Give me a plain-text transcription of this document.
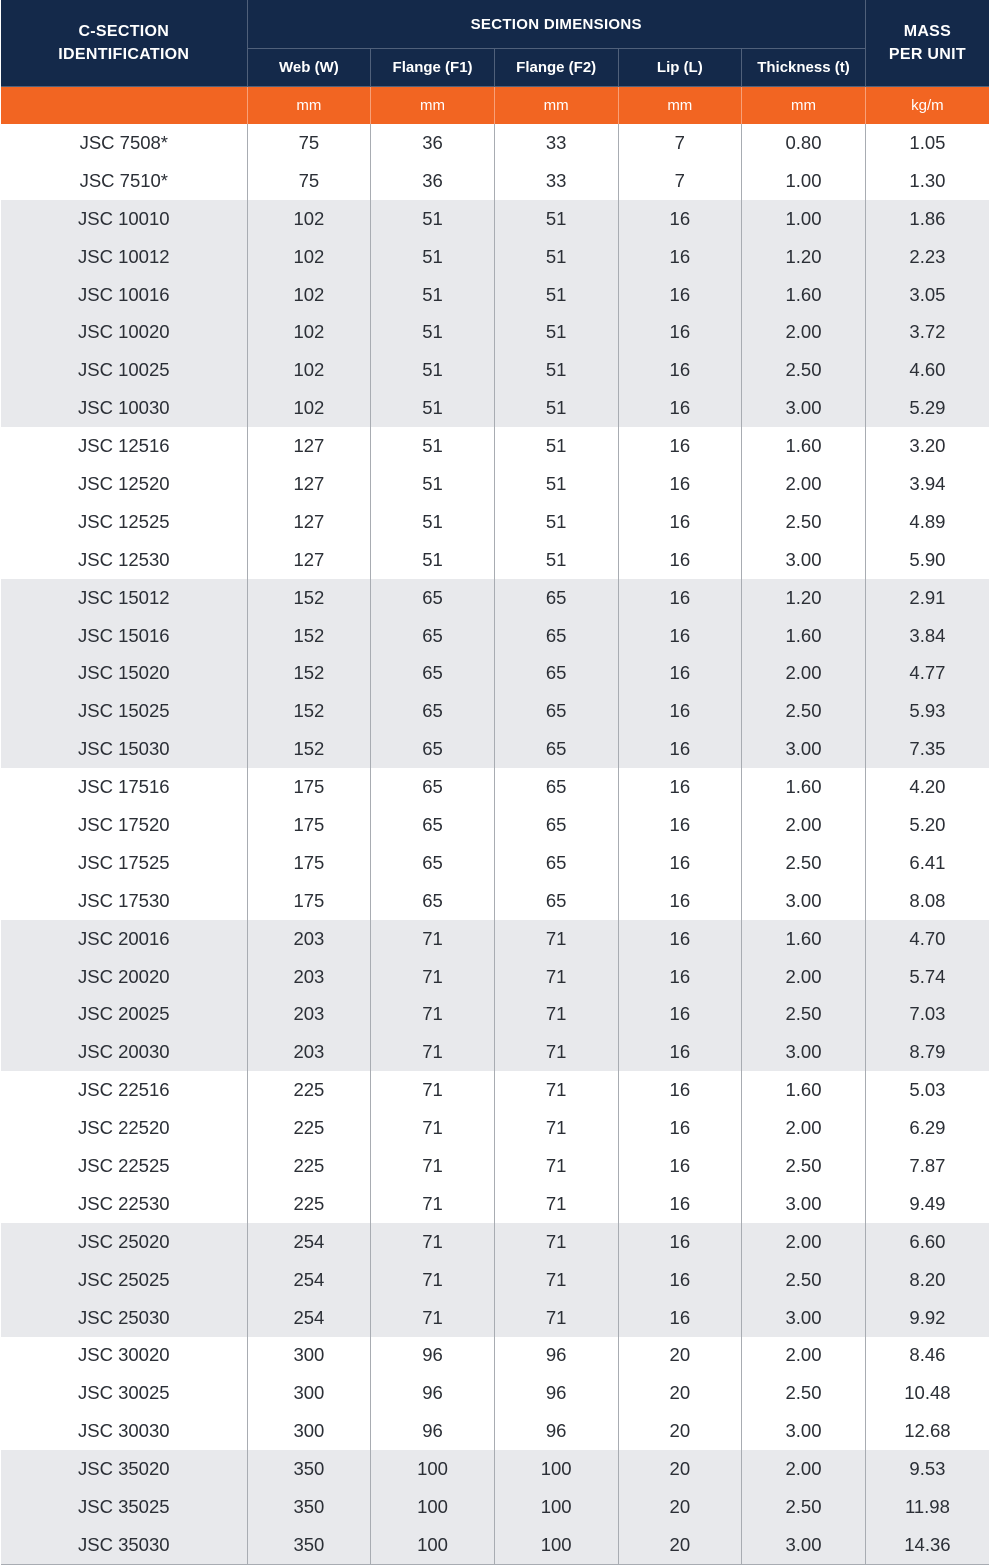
C-SECTION
IDENTIFICATION	SECTION DIMENSIONS					MASS
PER UNIT
	Web (W)	Flange (F1)	Flange (F2)	Lip (L)	Thickness (t)	
	mm	mm	mm	mm	mm	kg/m
JSC 7508*	75	36	33	7	0.80	1.05
JSC 7510*	75	36	33	7	1.00	1.30
JSC 10010	102	51	51	16	1.00	1.86
JSC 10012	102	51	51	16	1.20	2.23
JSC 10016	102	51	51	16	1.60	3.05
JSC 10020	102	51	51	16	2.00	3.72
JSC 10025	102	51	51	16	2.50	4.60
JSC 10030	102	51	51	16	3.00	5.29
JSC 12516	127	51	51	16	1.60	3.20
JSC 12520	127	51	51	16	2.00	3.94
JSC 12525	127	51	51	16	2.50	4.89
JSC 12530	127	51	51	16	3.00	5.90
JSC 15012	152	65	65	16	1.20	2.91
JSC 15016	152	65	65	16	1.60	3.84
JSC 15020	152	65	65	16	2.00	4.77
JSC 15025	152	65	65	16	2.50	5.93
JSC 15030	152	65	65	16	3.00	7.35
JSC 17516	175	65	65	16	1.60	4.20
JSC 17520	175	65	65	16	2.00	5.20
JSC 17525	175	65	65	16	2.50	6.41
JSC 17530	175	65	65	16	3.00	8.08
JSC 20016	203	71	71	16	1.60	4.70
JSC 20020	203	71	71	16	2.00	5.74
JSC 20025	203	71	71	16	2.50	7.03
JSC 20030	203	71	71	16	3.00	8.79
JSC 22516	225	71	71	16	1.60	5.03
JSC 22520	225	71	71	16	2.00	6.29
JSC 22525	225	71	71	16	2.50	7.87
JSC 22530	225	71	71	16	3.00	9.49
JSC 25020	254	71	71	16	2.00	6.60
JSC 25025	254	71	71	16	2.50	8.20
JSC 25030	254	71	71	16	3.00	9.92
JSC 30020	300	96	96	20	2.00	8.46
JSC 30025	300	96	96	20	2.50	10.48
JSC 30030	300	96	96	20	3.00	12.68
JSC 35020	350	100	100	20	2.00	9.53
JSC 35025	350	100	100	20	2.50	11.98
JSC 35030	350	100	100	20	3.00	14.36
